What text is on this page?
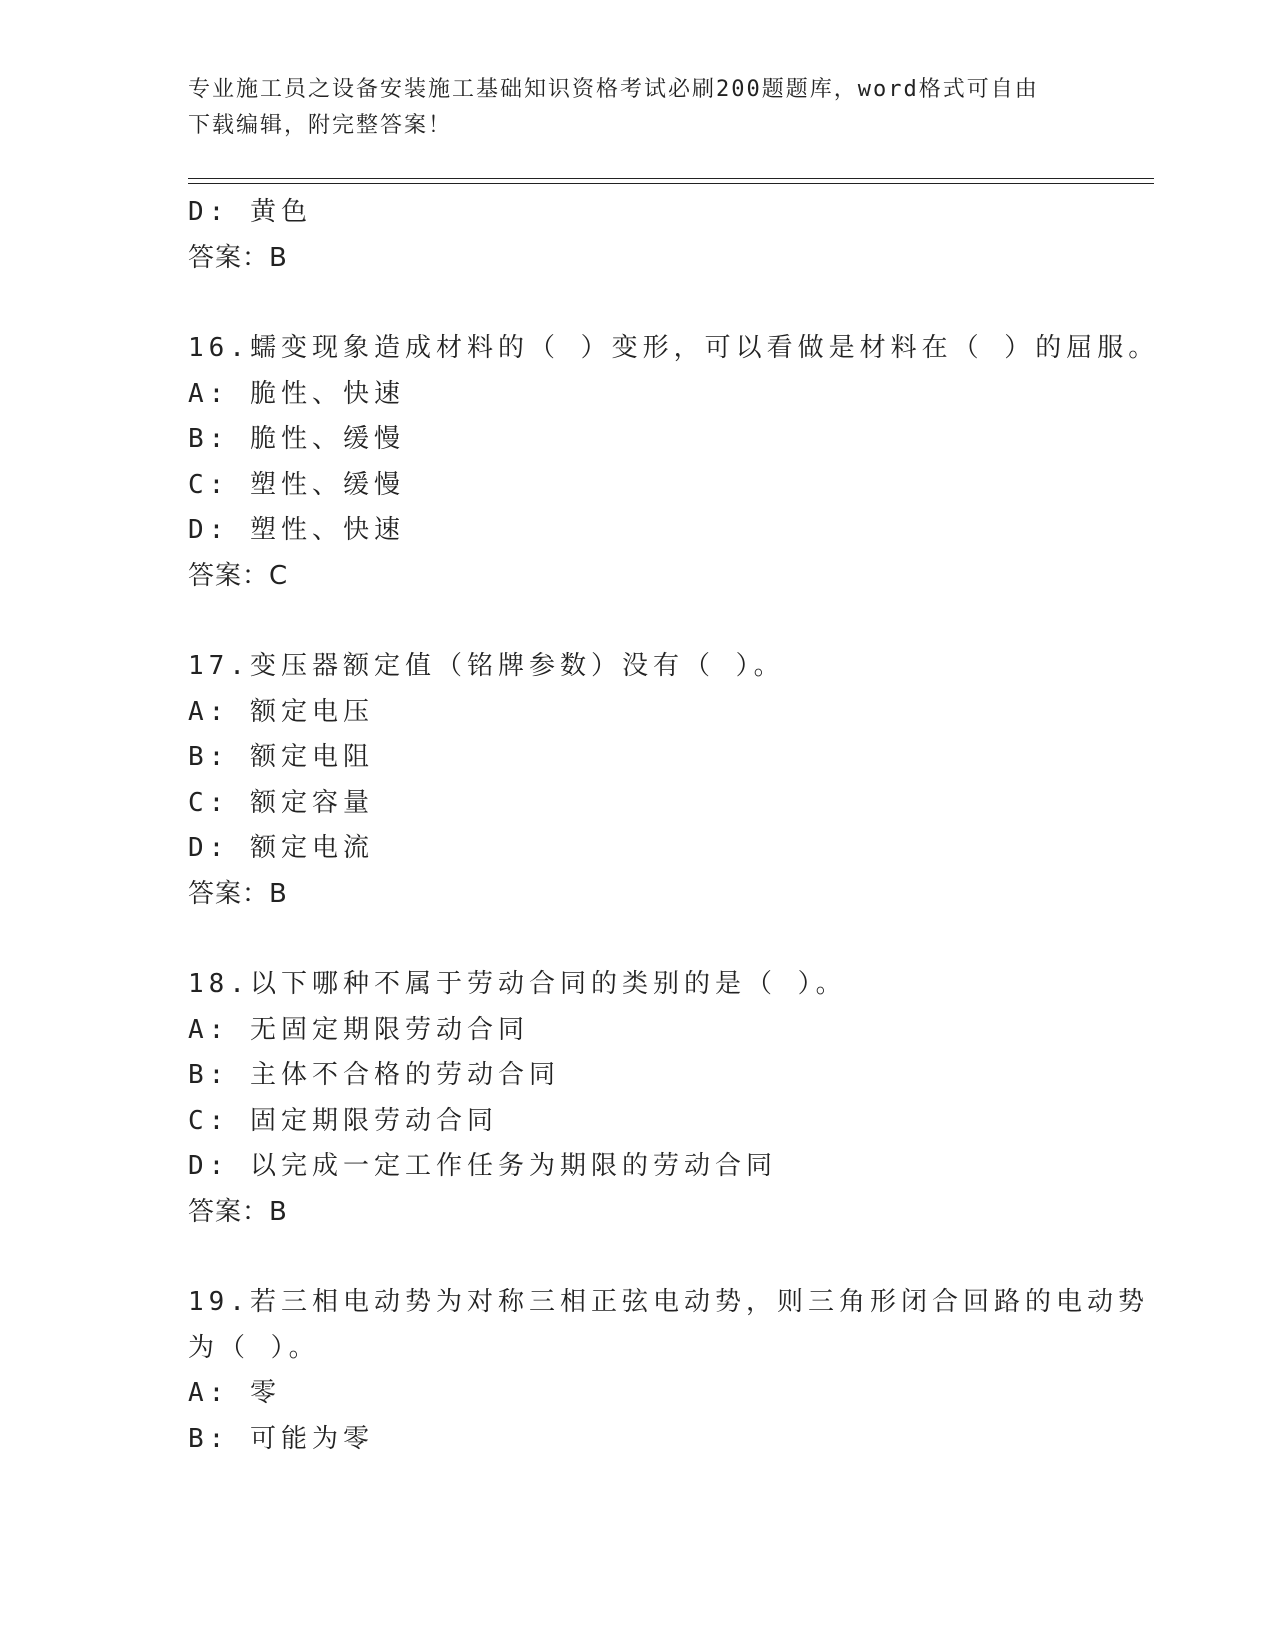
专业施工员之设备安装施工基础知识资格考试必刷200题题库，word格式可自由
下载编辑，附完整答案！
D: 黄色
答案：B
16.蠕变现象造成材料的（ ）变形，可以看做是材料在（ ）的屈服。
A: 脆性、快速
B: 脆性、缓慢
C: 塑性、缓慢
D: 塑性、快速
答案：C
17.变压器额定值（铭牌参数）没有（ ）。
A: 额定电压
B: 额定电阻
C: 额定容量
D: 额定电流
答案：B
18.以下哪种不属于劳动合同的类别的是（ ）。
A: 无固定期限劳动合同
B: 主体不合格的劳动合同
C: 固定期限劳动合同
D: 以完成一定工作任务为期限的劳动合同
答案：B
19.若三相电动势为对称三相正弦电动势，则三角形闭合回路的电动势
为（ ）。
A: 零
B: 可能为零
